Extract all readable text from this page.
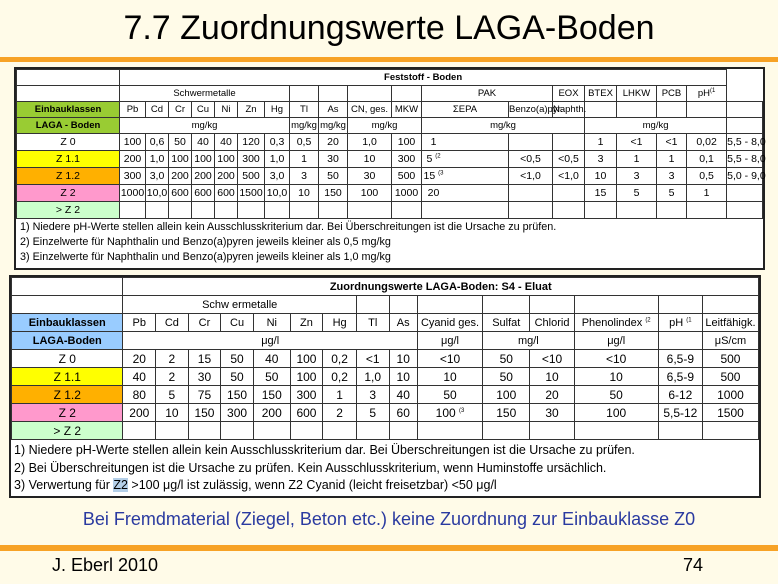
7.7 Zuordnungswerte LAGA-Boden
	Feststoff - Boden																			
	Schwermetalle											PAK			EOX	BTEX	LHKW	PCB	$pH^{(1}$
Einbauklassen	Pb	Cd	Cr	Cu	Ni	Zn	Hg	Tl	As	CN, ges.	MKW	ΣEPA		Benzo(a)pyr.	Naphth.					
LAGA - Boden	mg/kg							mg/kg	mg/kg	mg/kg		mg/kg				mg/kg				
Z 0	100	0,6	50	40	40	120	0,3	0,5	20	1,0	100	1				1	<1	<1	0,02	5,5 - 8,0
Z 1.1	200	1,0	100	100	100	300	1,0	1	30	10	300	5 $^{(2}$		<0,5	<0,5	3	1	1	0,1	5,5 - 8,0
Z 1.2	300	3,0	200	200	200	500	3,0	3	50	30	500	15 $^{(3}$		<1,0	<1,0	10	3	3	0,5	5,0 - 9,0
Z 2	1000	10,0	600	600	600	1500	10,0	10	150	100	1000	20				15	5	5	1	
> Z 2																				
1) Niedere pH-Werte stellen allein kein Ausschlusskriterium dar. Bei Überschreitungen ist die Ursache zu prüfen.
2) Einzelwerte für Naphthalin und Benzo(a)pyren jeweils kleiner als 0,5 mg/kg
3) Einzelwerte für Naphthalin und Benzo(a)pyren jeweils kleiner als 1,0 mg/kg
	Zuordnungswerte LAGA-Boden: S4 - Eluat														
	Schw ermetalle														
Einbauklassen	Pb	Cd	Cr	Cu	Ni	Zn	Hg	Tl	As	Cyanid ges.	Sulfat	Chlorid	Phenolindex $^{(2}$	pH $^{(1}$	Leitfähigk.
LAGA-Boden	μg/l									μg/l	mg/l		μg/l		μS/cm
Z 0	20	2	15	50	40	100	0,2	<1	10	<10	50	<10	<10	6,5-9	500
Z 1.1	40	2	30	50	50	100	0,2	1,0	10	10	50	10	10	6,5-9	500
Z 1.2	80	5	75	150	150	300	1	3	40	50	100	20	50	6-12	1000
Z 2	200	10	150	300	200	600	2	5	60	100 $^{(3}$	150	30	100	5,5-12	1500
> Z 2															
1) Niedere pH-Werte stellen allein kein Ausschlusskriterium dar. Bei Überschreitungen ist die Ursache zu prüfen.
2) Bei Überschreitungen ist die Ursache zu prüfen. Kein Ausschlusskriterium, wenn Huminstoffe ursächlich.
3) Verwertung für Z2 >100 μg/l ist zulässig, wenn Z2 Cyanid (leicht freisetzbar) <50 μg/l
Bei Fremdmaterial (Ziegel, Beton etc.) keine Zuordnung zur Einbauklasse Z0
J. Eberl 2010	74
